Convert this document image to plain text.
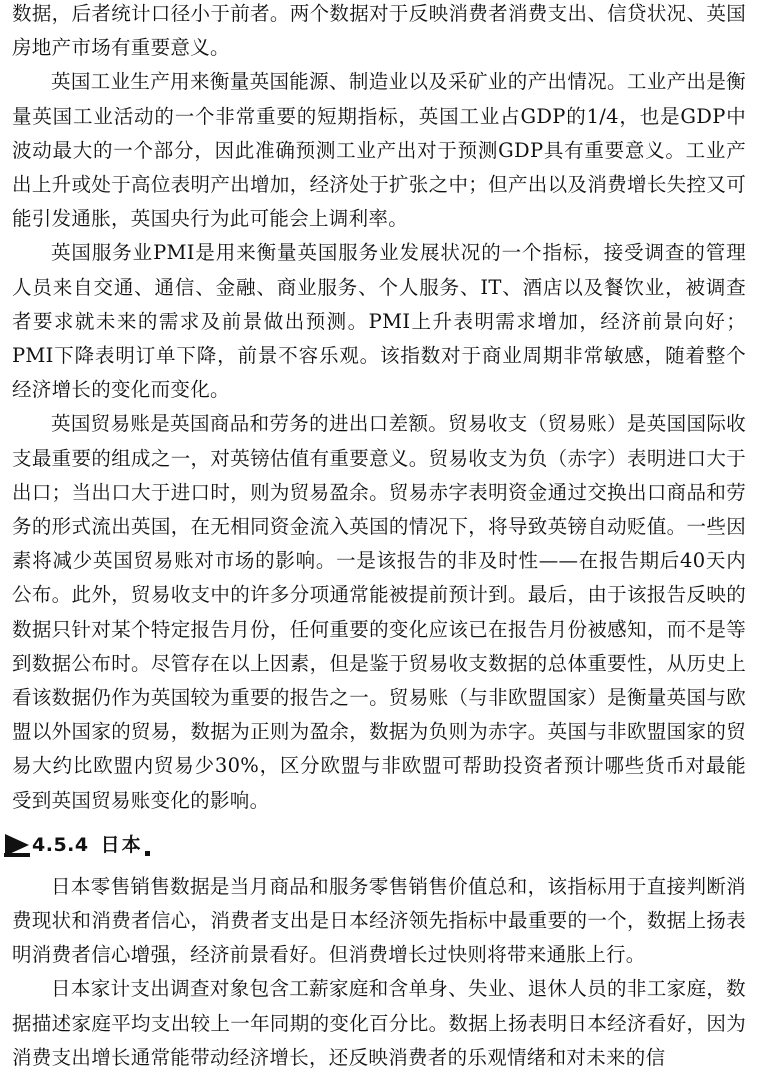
数据，后者统计口径小于前者。两个数据对于反映消费者消费支出、信贷状况、英国房地产市场有重要意义。

英国工业生产用来衡量英国能源、制造业以及采矿业的产出情况。工业产出是衡量英国工业活动的一个非常重要的短期指标，英国工业占GDP的1/4，也是GDP中波动最大的一个部分，因此准确预测工业产出对于预测GDP具有重要意义。工业产出上升或处于高位表明产出增加，经济处于扩张之中；但产出以及消费增长失控又可能引发通胀，英国央行为此可能会上调利率。

英国服务业PMI是用来衡量英国服务业发展状况的一个指标，接受调查的管理人员来自交通、通信、金融、商业服务、个人服务、IT、酒店以及餐饮业，被调查者要求就未来的需求及前景做出预测。PMI上升表明需求增加，经济前景向好；PMI下降表明订单下降，前景不容乐观。该指数对于商业周期非常敏感，随着整个经济增长的变化而变化。

英国贸易账是英国商品和劳务的进出口差额。贸易收支（贸易账）是英国国际收支最重要的组成之一，对英镑估值有重要意义。贸易收支为负（赤字）表明进口大于出口；当出口大于进口时，则为贸易盈余。贸易赤字表明资金通过交换出口商品和劳务的形式流出英国，在无相同资金流入英国的情况下，将导致英镑自动贬值。一些因素将减少英国贸易账对市场的影响。一是该报告的非及时性——在报告期后40天内公布。此外，贸易收支中的许多分项通常能被提前预计到。最后，由于该报告反映的数据只针对某个特定报告月份，任何重要的变化应该已在报告月份被感知，而不是等到数据公布时。尽管存在以上因素，但是鉴于贸易收支数据的总体重要性，从历史上看该数据仍作为英国较为重要的报告之一。贸易账（与非欧盟国家）是衡量英国与欧盟以外国家的贸易，数据为正则为盈余，数据为负则为赤字。英国与非欧盟国家的贸易大约比欧盟内贸易少30%，区分欧盟与非欧盟可帮助投资者预计哪些货币对最能受到英国贸易账变化的影响。

4.5.4 日本

日本零售销售数据是当月商品和服务零售销售价值总和，该指标用于直接判断消费现状和消费者信心，消费者支出是日本经济领先指标中最重要的一个，数据上扬表明消费者信心增强，经济前景看好。但消费增长过快则将带来通胀上行。

日本家计支出调查对象包含工薪家庭和含单身、失业、退休人员的非工家庭，数据描述家庭平均支出较上一年同期的变化百分比。数据上扬表明日本经济看好，因为消费支出增长通常能带动经济增长，还反映消费者的乐观情绪和对未来的信
